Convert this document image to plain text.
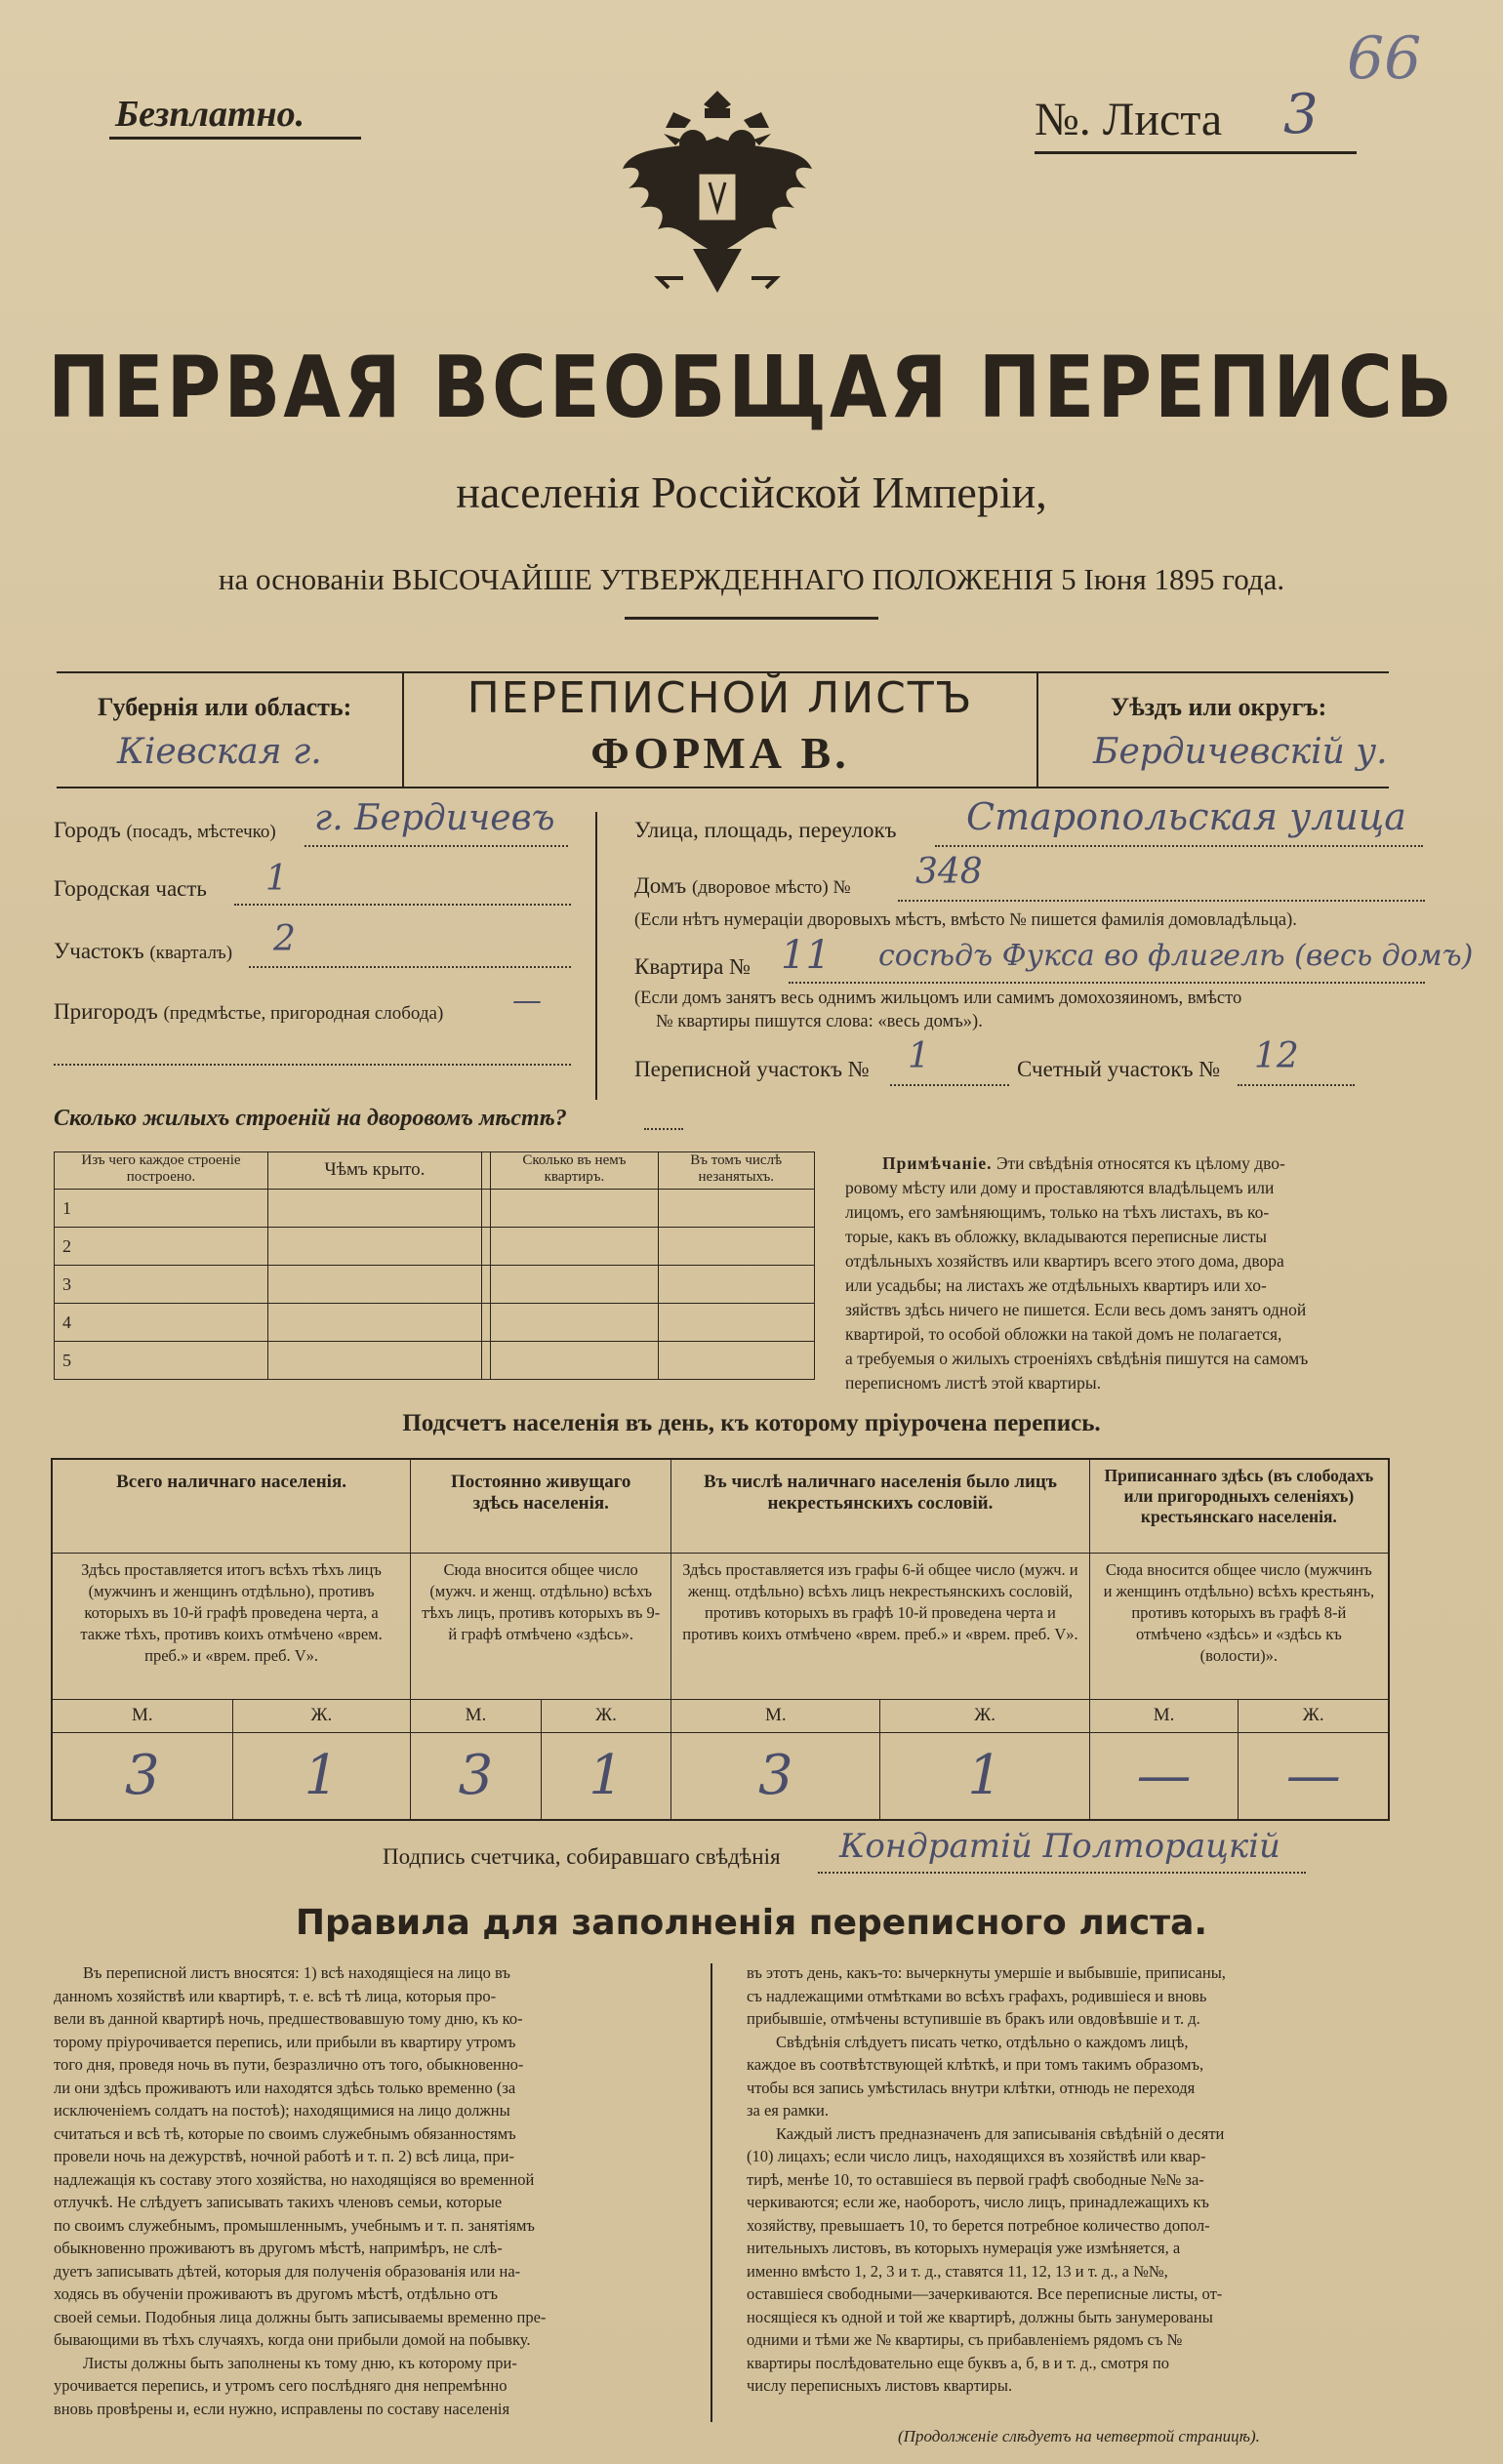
66
Безплатно.	№. Листа 3
ПЕРВАЯ ВСЕОБЩАЯ ПЕРЕПИСЬ
населенія Россійской Имперіи,
на основаніи ВЫСОЧАЙШЕ УТВЕРЖДЕННАГО ПОЛОЖЕНІЯ 5 Іюня 1895 года.
Губернія или область:
Кіевская г.
ПЕРЕПИСНОЙ ЛИСТЪ
ФОРМА В.
Уѣздъ или округъ:
Бердичевскій у.
Городъ (посадъ, мѣстечко) г. Бердичевъ
Городская часть 1
Участокъ (кварталъ) 2
Пригородъ (предмѣстье, пригородная слобода) —
Улица, площадь, переулокъ Старопольская улица
Домъ (дворовое мѣсто) № 348
(Если нѣтъ нумераціи дворовыхъ мѣстъ, вмѣсто № пишется фамилія домовладѣльца).
Квартира № 11 сосѣдъ Фукса во флигелѣ (весь домъ)
(Если домъ занятъ весь однимъ жильцомъ или самимъ домохозяиномъ, вмѣсто
№ квартиры пишутся слова: «весь домъ»).
Переписной участокъ № 1	Счетный участокъ № 12
Сколько жилыхъ строеній на дворовомъ мѣстѣ?
Изъ чего каждое строеніе построено.	Чѣмъ крыто.		Сколько въ немъ квартиръ.	Въ томъ числѣ незанятыхъ.
1				
2				
3				
4				
5				
Примѣчаніе. Эти свѣдѣнія относятся къ цѣлому дво-
ровому мѣсту или дому и проставляются владѣльцемъ или
лицомъ, его замѣняющимъ, только на тѣхъ листахъ, въ ко-
торые, какъ въ обложку, вкладываются переписные листы
отдѣльныхъ хозяйствъ или квартиръ всего этого дома, двора
или усадьбы; на листахъ же отдѣльныхъ квартиръ или хо-
зяйствъ здѣсь ничего не пишется. Если весь домъ занятъ одной
квартирой, то особой обложки на такой домъ не полагается,
а требуемыя о жилыхъ строеніяхъ свѣдѣнія пишутся на самомъ
переписномъ листѣ этой квартиры.
Подсчетъ населенія въ день, къ которому пріурочена перепись.
Всего наличнаго населенія.		Постоянно живущаго здѣсь населенія.		Въ числѣ наличнаго населенія было лицъ некрестьянскихъ сословій.		Приписаннаго здѣсь (въ слободахъ или пригородныхъ селеніяхъ) крестьянскаго населенія.	
Здѣсь проставляется итогъ всѣхъ тѣхъ лицъ (мужчинъ и женщинъ отдѣльно), противъ которыхъ въ 10-й графѣ проведена черта, а также тѣхъ, противъ коихъ отмѣчено «врем. преб.» и «врем. преб. V».		Сюда вносится общее число (мужч. и женщ. отдѣльно) всѣхъ тѣхъ лицъ, противъ которыхъ въ 9-й графѣ отмѣчено «здѣсь».		Здѣсь проставляется изъ графы 6-й общее число (мужч. и женщ. отдѣльно) всѣхъ лицъ некрестьянскихъ сословій, противъ которыхъ въ графѣ 10-й проведена черта и противъ коихъ отмѣчено «врем. преб.» и «врем. преб. V».		Сюда вносится общее число (мужчинъ и женщинъ отдѣльно) всѣхъ крестьянъ, противъ которыхъ въ графѣ 8-й отмѣчено «здѣсь» и «здѣсь къ (волости)».	
М.	Ж.	М.	Ж.	М.	Ж.	М.	Ж.
3	1	3	1	3	1	—	—
Подпись счетчика, собиравшаго свѣдѣнія Кондратій Полторацкій
Правила для заполненія переписного листа.
Въ переписной листъ вносятся: 1) всѣ находящіеся на лицо въ
данномъ хозяйствѣ или квартирѣ, т. е. всѣ тѣ лица, которыя про-
вели въ данной квартирѣ ночь, предшествовавшую тому дню, къ ко-
торому пріурочивается перепись, или прибыли въ квартиру утромъ
того дня, проведя ночь въ пути, безразлично отъ того, обыкновенно-
ли они здѣсь проживаютъ или находятся здѣсь только временно (за
исключеніемъ солдатъ на постоѣ); находящимися на лицо должны
считаться и всѣ тѣ, которые по своимъ служебнымъ обязанностямъ
провели ночь на дежурствѣ, ночной работѣ и т. п. 2) всѣ лица, при-
надлежащія къ составу этого хозяйства, но находящіяся во временной
отлучкѣ. Не слѣдуетъ записывать такихъ членовъ семьи, которые
по своимъ служебнымъ, промышленнымъ, учебнымъ и т. п. занятіямъ
обыкновенно проживаютъ въ другомъ мѣстѣ, напримѣръ, не слѣ-
дуетъ записывать дѣтей, которыя для полученія образованія или на-
ходясь въ обученіи проживаютъ въ другомъ мѣстѣ, отдѣльно отъ
своей семьи. Подобныя лица должны быть записываемы временно пре-
бывающими въ тѣхъ случаяхъ, когда они прибыли домой на побывку.
Листы должны быть заполнены къ тому дню, къ которому при-
урочивается перепись, и утромъ сего послѣдняго дня непремѣнно
вновь провѣрены и, если нужно, исправлены по составу населенія
въ этотъ день, какъ-то: вычеркнуты умершіе и выбывшіе, приписаны,
съ надлежащими отмѣтками во всѣхъ графахъ, родившіеся и вновь
прибывшіе, отмѣчены вступившіе въ бракъ или овдовѣвшіе и т. д.
Свѣдѣнія слѣдуетъ писать четко, отдѣльно о каждомъ лицѣ,
каждое въ соотвѣтствующей клѣткѣ, и при томъ такимъ образомъ,
чтобы вся запись умѣстилась внутри клѣтки, отнюдь не переходя
за ея рамки.
Каждый листъ предназначенъ для записыванія свѣдѣній о десяти
(10) лицахъ; если число лицъ, находящихся въ хозяйствѣ или квар-
тирѣ, менѣе 10, то оставшіеся въ первой графѣ свободные №№ за-
черкиваются; если же, наоборотъ, число лицъ, принадлежащихъ къ
хозяйству, превышаетъ 10, то берется потребное количество допол-
нительныхъ листовъ, въ которыхъ нумерація уже измѣняется, а
именно вмѣсто 1, 2, 3 и т. д., ставятся 11, 12, 13 и т. д., а №№,
оставшіеся свободными—зачеркиваются. Все переписные листы, от-
носящіеся къ одной и той же квартирѣ, должны быть занумерованы
одними и тѣми же № квартиры, съ прибавленіемъ рядомъ съ №
квартиры послѣдовательно еще буквъ а, б, в и т. д., смотря по
числу переписныхъ листовъ квартиры.
(Продолженіе слѣдуетъ на четвертой страницѣ).
